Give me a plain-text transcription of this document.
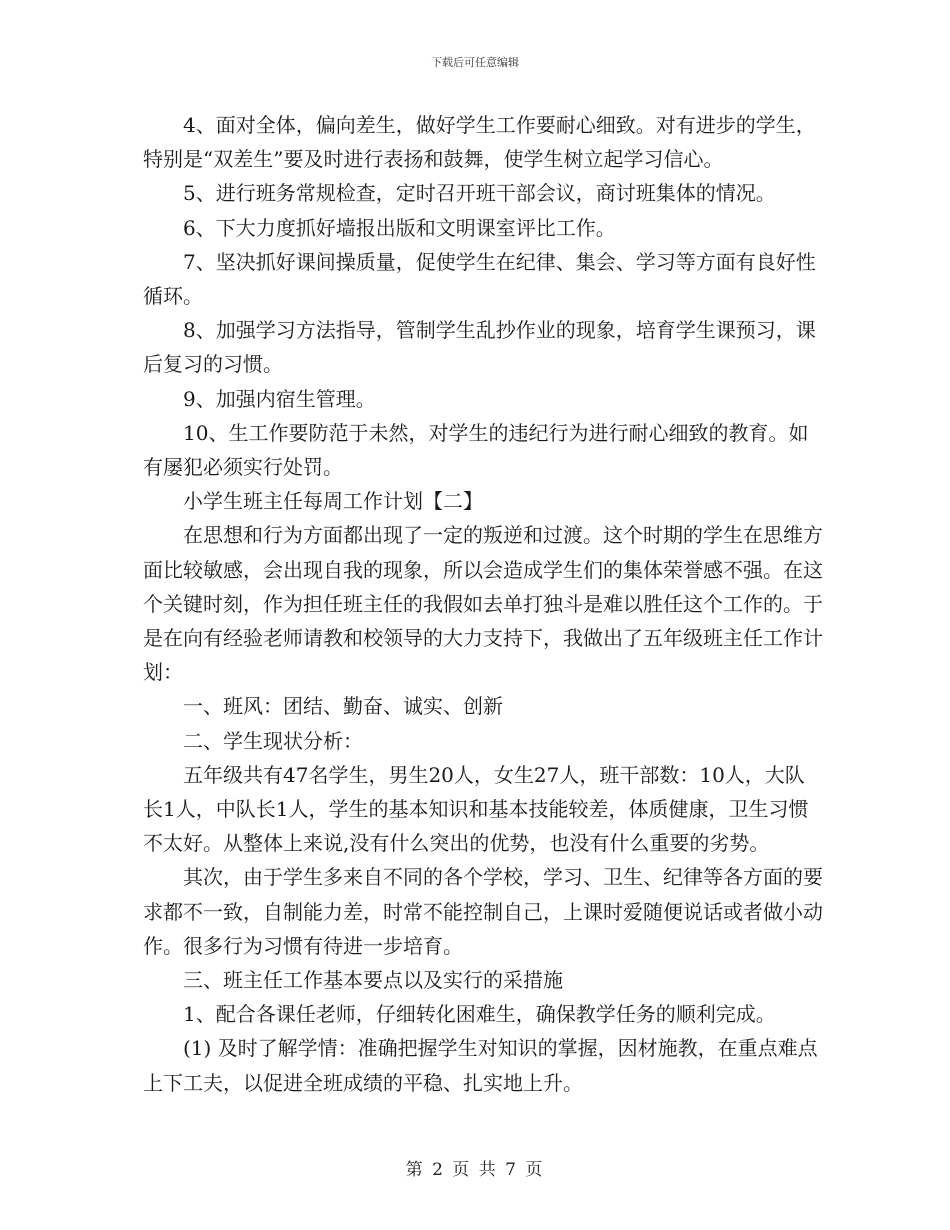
下载后可任意编辑

4、面对全体，偏向差生，做好学生工作要耐心细致。对有进步的学生，特别是“双差生”要及时进行表扬和鼓舞，使学生树立起学习信心。

5、进行班务常规检查，定时召开班干部会议，商讨班集体的情况。

6、下大力度抓好墙报出版和文明课室评比工作。

7、坚决抓好课间操质量，促使学生在纪律、集会、学习等方面有良好性循环。

8、加强学习方法指导，管制学生乱抄作业的现象，培育学生课预习，课后复习的习惯。

9、加强内宿生管理。

10、生工作要防范于未然，对学生的违纪行为进行耐心细致的教育。如有屡犯必须实行处罚。

小学生班主任每周工作计划【二】

在思想和行为方面都出现了一定的叛逆和过渡。这个时期的学生在思维方面比较敏感，会出现自我的现象，所以会造成学生们的集体荣誉感不强。在这个关键时刻，作为担任班主任的我假如去单打独斗是难以胜任这个工作的。于是在向有经验老师请教和校领导的大力支持下，我做出了五年级班主任工作计划：

一、班风：团结、勤奋、诚实、创新

二、学生现状分析：

五年级共有47名学生，男生20人，女生27人，班干部数：10人，大队长1人，中队长1人，学生的基本知识和基本技能较差，体质健康，卫生习惯不太好。从整体上来说,没有什么突出的优势，也没有什么重要的劣势。

其次，由于学生多来自不同的各个学校，学习、卫生、纪律等各方面的要求都不一致，自制能力差，时常不能控制自己，上课时爱随便说话或者做小动作。很多行为习惯有待进一步培育。

三、班主任工作基本要点以及实行的采措施

1、配合各课任老师，仔细转化困难生，确保教学任务的顺利完成。

(1) 及时了解学情：准确把握学生对知识的掌握，因材施教，在重点难点上下工夫，以促进全班成绩的平稳、扎实地上升。

第 2 页 共 7 页
